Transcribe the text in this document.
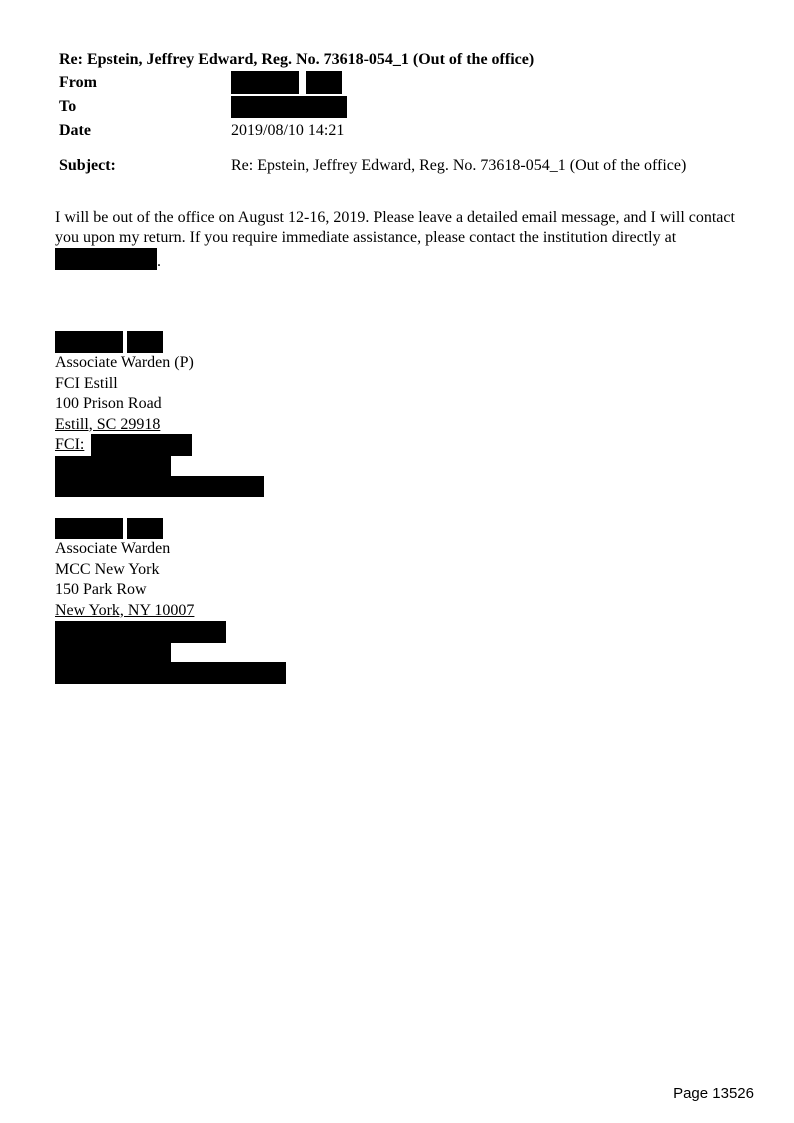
Re: Epstein, Jeffrey Edward, Reg. No. 73618-054_1 (Out of the office)
From	
To	
Date	2019/08/10 14:21
Subject:	Re: Epstein, Jeffrey Edward, Reg. No. 73618-054_1 (Out of the office)
I will be out of the office on August 12-16, 2019. Please leave a detailed email message, and I will contact you upon my return. If you require immediate assistance, please contact the institution directly at
.
Associate Warden (P)
FCI Estill
100 Prison Road
Estill, SC 29918
FCI:
Associate Warden
MCC New York
150 Park Row
New York, NY 10007
Page 13526
